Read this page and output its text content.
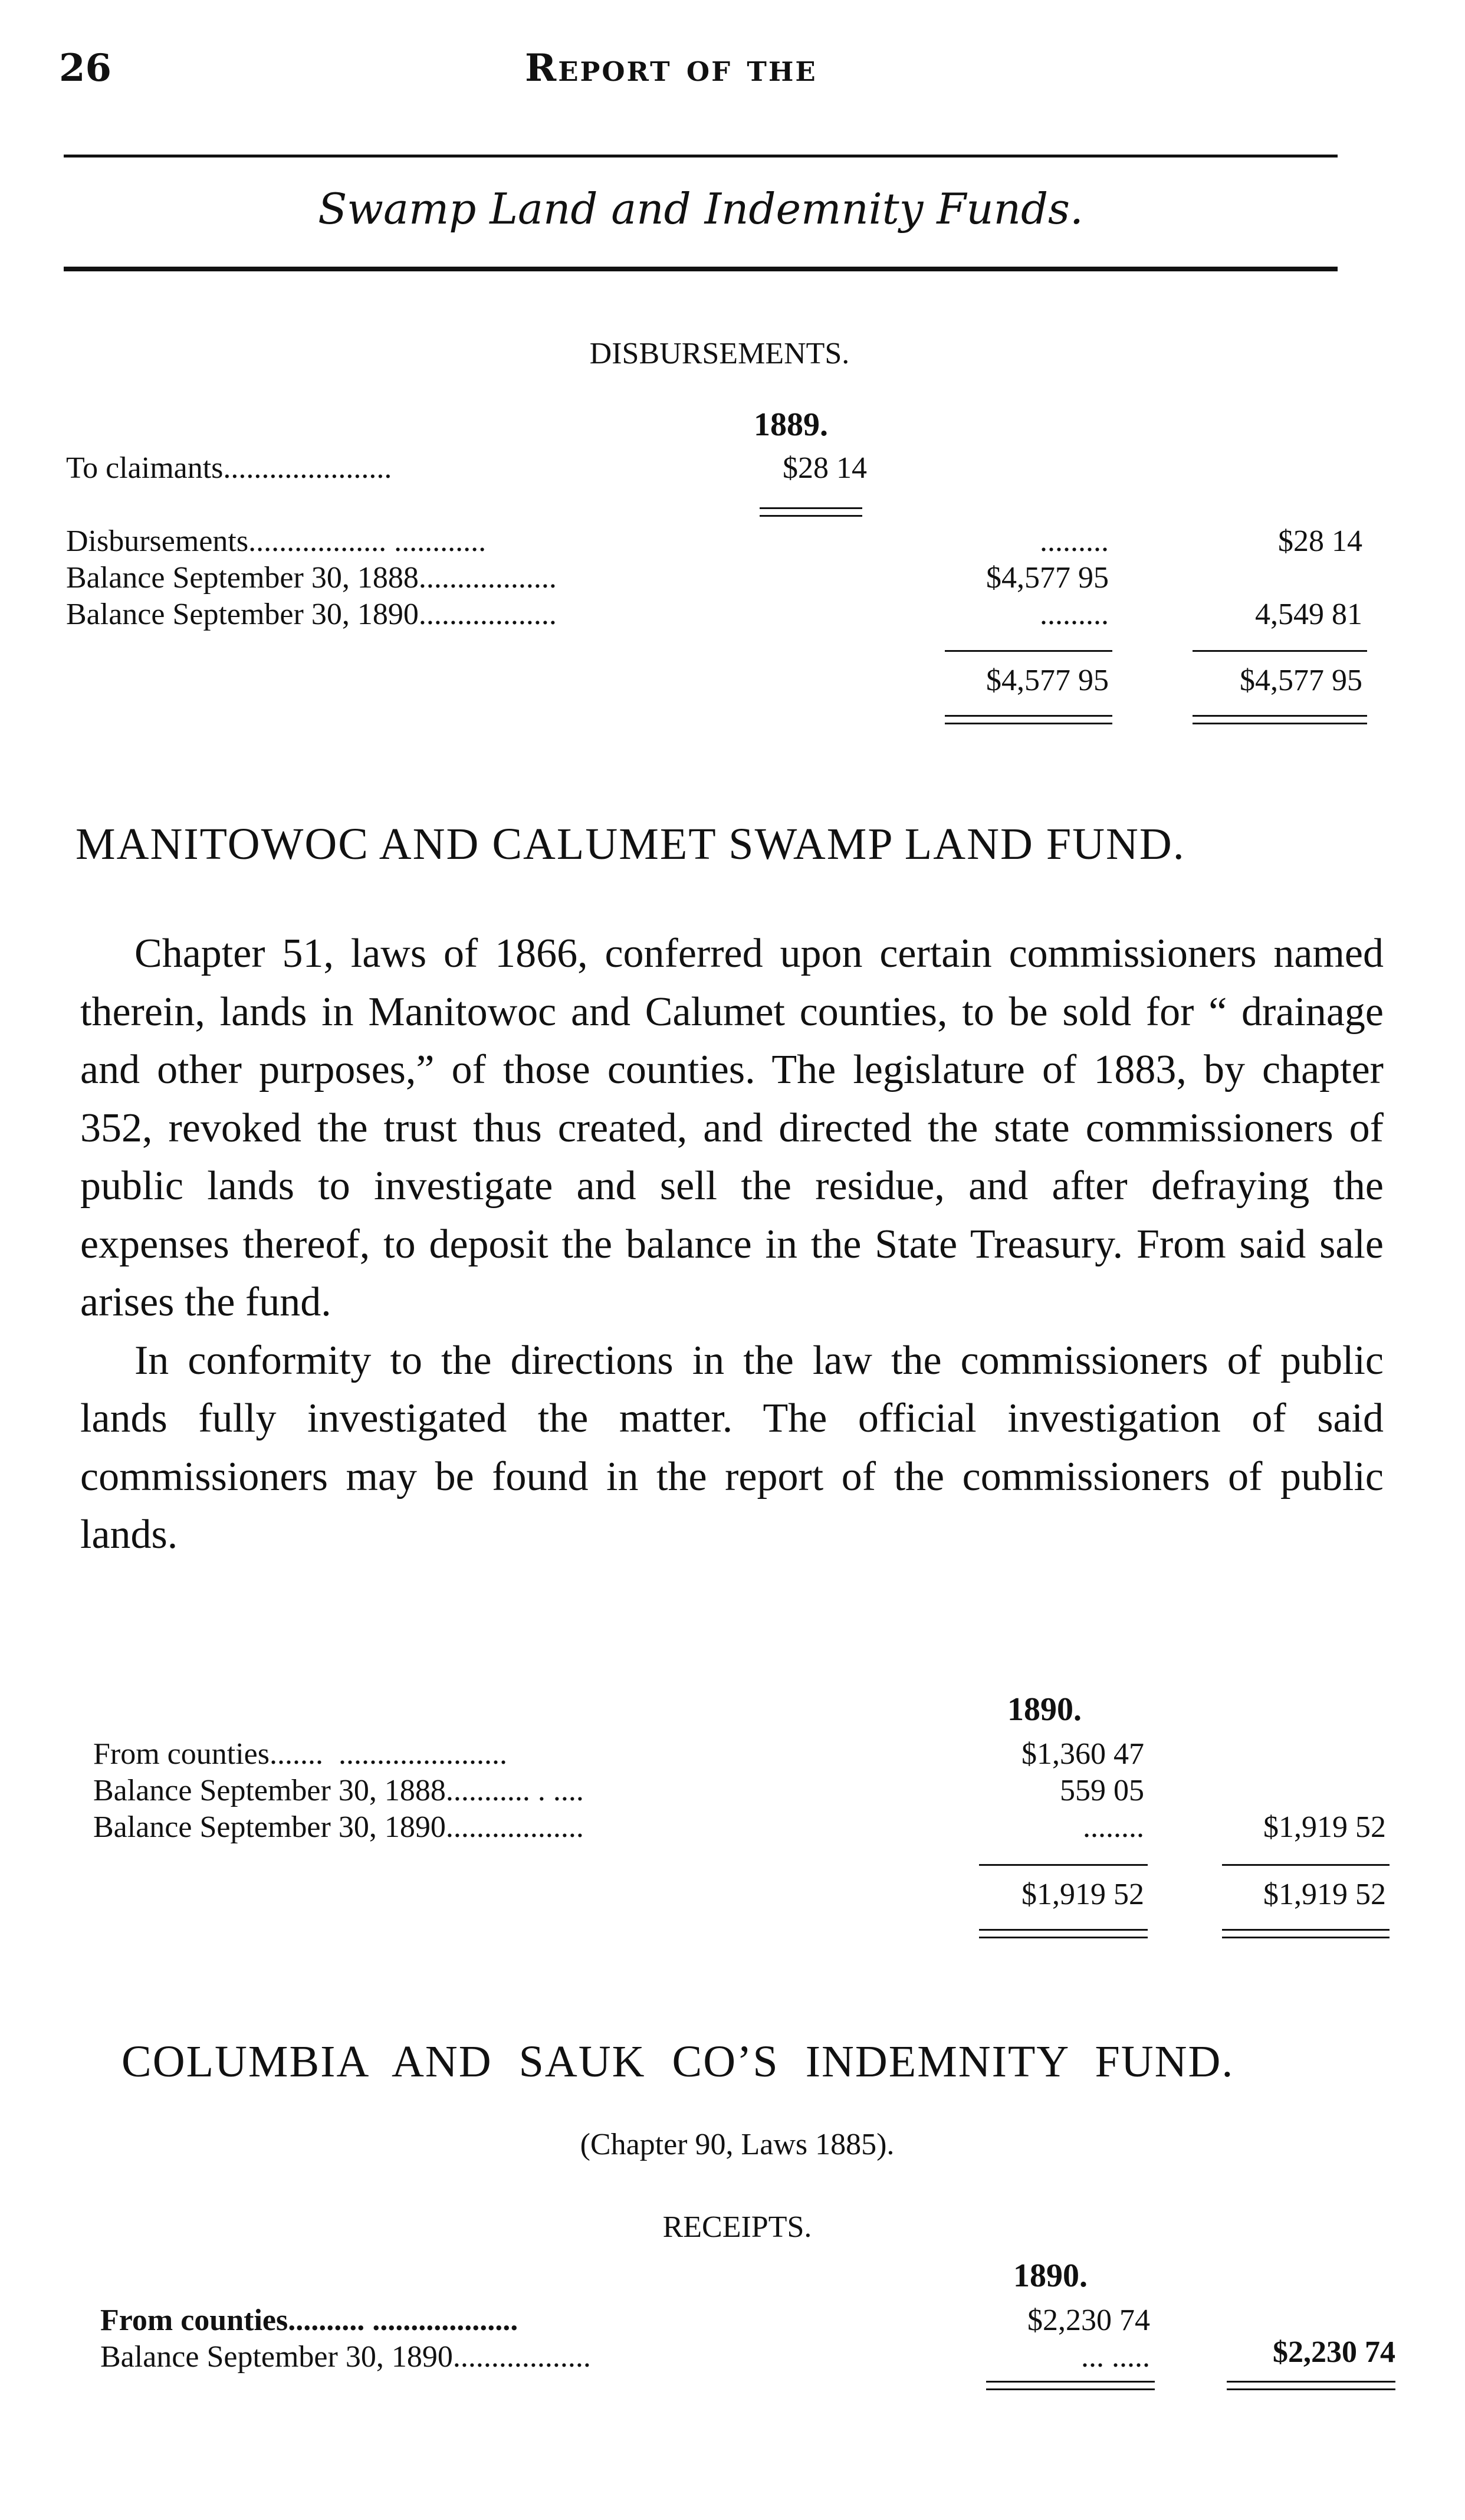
26	Report of the
Swamp Land and Indemnity Funds.
DISBURSEMENTS.
1889.
To claimants......................	$28 14
Disbursements.................. ............	.........	$28 14
Balance September 30, 1888..................	$4,577 95
Balance September 30, 1890..................	.........	4,549 81
$4,577 95	$4,577 95
MANITOWOC AND CALUMET SWAMP LAND FUND.

Chapter 51, laws of 1866, conferred upon certain commissioners named therein, lands in Manitowoc and Calumet counties, to be sold for “ drainage and other purposes,” of those counties. The legislature of 1883, by chapter 352, revoked the trust thus created, and directed the state commissioners of public lands to investigate and sell the residue, and after defraying the expenses thereof, to deposit the balance in the State Treasury. From said sale arises the fund.

In conformity to the directions in the law the commissioners of public lands fully investigated the matter. The official investigation of said commissioners may be found in the report of the commissioners of public lands.

1890.
From counties.......  ......................	$1,360 47
Balance September 30, 1888........... . ....	559 05
Balance September 30, 1890..................	........	$1,919 52
$1,919 52	$1,919 52
COLUMBIA AND SAUK CO’S INDEMNITY FUND.
(Chapter 90, Laws 1885).
RECEIPTS.
1890.
From counties.......... ...................	$2,230 74
Balance September 30, 1890..................	... .....	$2,230 74
